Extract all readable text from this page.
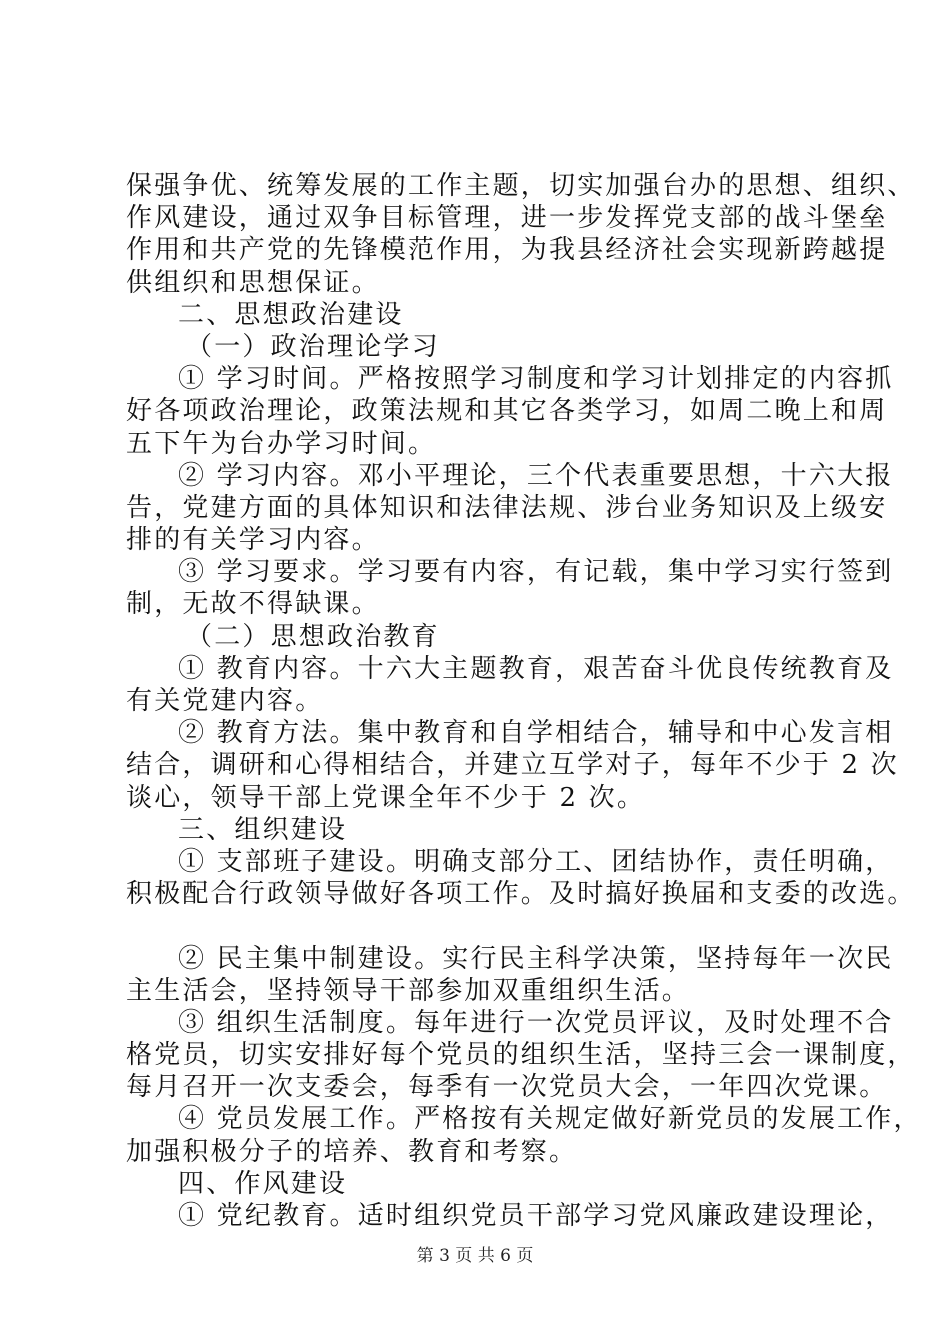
保强争优、统筹发展的工作主题，切实加强台办的思想、组织、
作风建设，通过双争目标管理，进一步发挥党支部的战斗堡垒
作用和共产党的先锋模范作用，为我县经济社会实现新跨越提
供组织和思想保证。
二、思想政治建设
（一）政治理论学习
① 学习时间。严格按照学习制度和学习计划排定的内容抓
好各项政治理论，政策法规和其它各类学习，如周二晚上和周
五下午为台办学习时间。
② 学习内容。邓小平理论，三个代表重要思想，十六大报
告，党建方面的具体知识和法律法规、涉台业务知识及上级安
排的有关学习内容。
③ 学习要求。学习要有内容，有记载，集中学习实行签到
制，无故不得缺课。
（二）思想政治教育
① 教育内容。十六大主题教育，艰苦奋斗优良传统教育及
有关党建内容。
② 教育方法。集中教育和自学相结合，辅导和中心发言相
结合，调研和心得相结合，并建立互学对子，每年不少于 2 次
谈心，领导干部上党课全年不少于 2 次。
三、组织建设
① 支部班子建设。明确支部分工、团结协作，责任明确，
积极配合行政领导做好各项工作。及时搞好换届和支委的改选。
② 民主集中制建设。实行民主科学决策，坚持每年一次民
主生活会，坚持领导干部参加双重组织生活。
③ 组织生活制度。每年进行一次党员评议，及时处理不合
格党员，切实安排好每个党员的组织生活，坚持三会一课制度，
每月召开一次支委会，每季有一次党员大会，一年四次党课。
④ 党员发展工作。严格按有关规定做好新党员的发展工作，
加强积极分子的培养、教育和考察。
四、作风建设
① 党纪教育。适时组织党员干部学习党风廉政建设理论，
第 3 页 共 6 页
